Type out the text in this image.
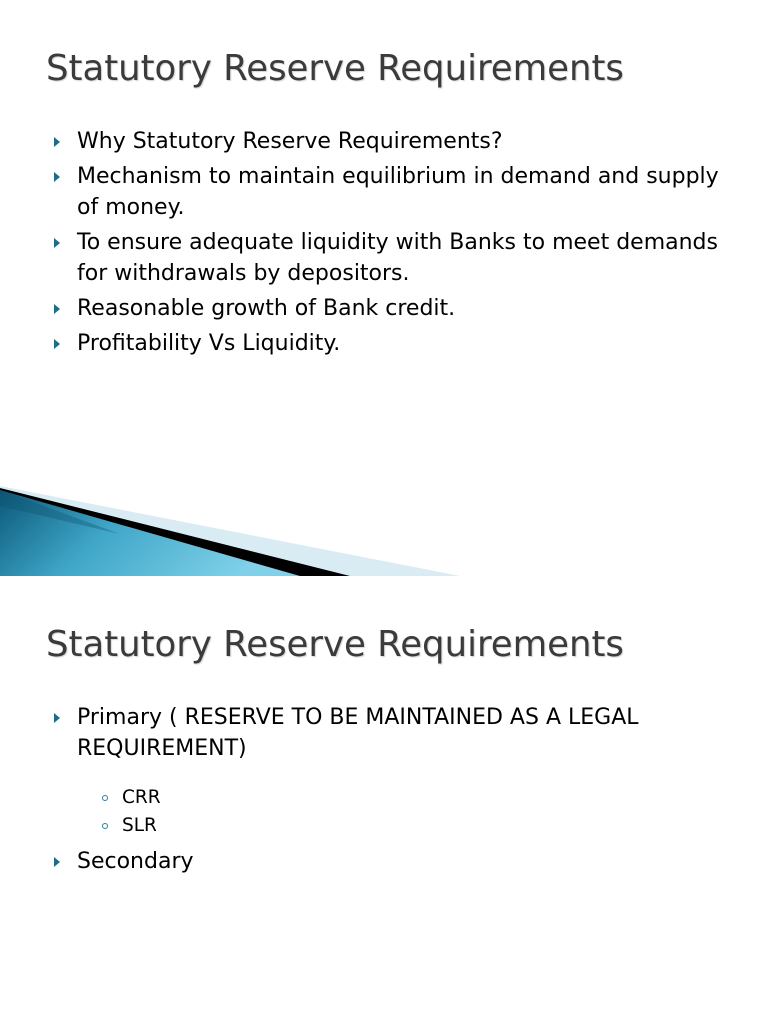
Statutory Reserve Requirements
Why Statutory Reserve Requirements?
Mechanism to maintain equilibrium in demand and supply of money.
To ensure adequate liquidity with Banks to meet demands for withdrawals by depositors.
Reasonable growth of Bank credit.
Profitability Vs Liquidity.
Statutory Reserve Requirements
Primary ( RESERVE TO BE MAINTAINED AS A LEGAL REQUIREMENT)
CRR
SLR
Secondary
